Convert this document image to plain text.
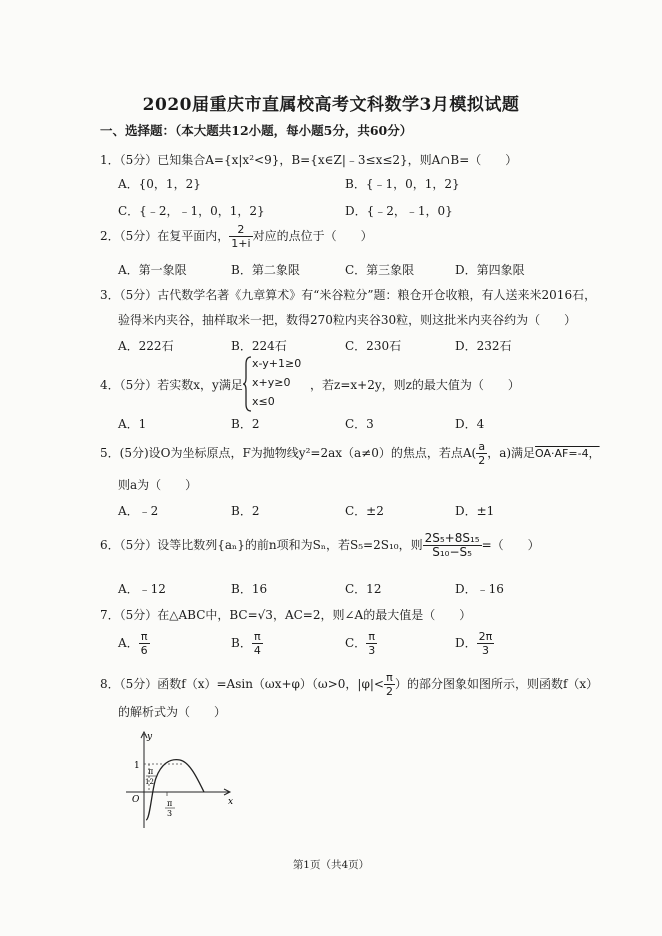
2020届重庆市直属校高考文科数学3月模拟试题
一、选择题：（本大题共12小题，每小题5分，共60分）
1．（5分）已知集合A={x|x²<9}，B={x∈Z|﹣3≤x≤2}，则A∩B=（　　）
A．{0，1，2}	B．{﹣1，0，1，2}
C．{﹣2，﹣1，0，1，2}	D．{﹣2，﹣1，0}
2．（5分）在复平面内， $\frac{2}{1+i}$ 对应的点位于（　　）
A．第一象限	B．第二象限	C．第三象限	D．第四象限
3．（5分）古代数学名著《九章算术》有“米谷粒分”题：粮仓开仓收粮，有人送来米2016石，
验得米内夹谷，抽样取米一把，数得270粒内夹谷30粒，则这批米内夹谷约为（　　）
A．222石	B．224石	C．230石	D．232石
4．（5分）若实数x，y满足
x-y+1≥0
x+y≥0
x≤0
，若z=x+2y，则z的最大值为（　　）
A．1	B．2	C．3	D．4
5．(5分)设O为坐标原点，F为抛物线y²=2ax（a≠0）的焦点，若点$A( \frac{a}{2}$ ，a)满足OA·AF=-4，
则a为（　　）
A．﹣2	B．2	C．±2	D．±1
6．（5分）设等比数列{aₙ}的前n项和为Sₙ，若S₅=2S₁₀，则 $\frac{\text{2S₅+8S₁₅}}{\text{S₁₀−S₅}}$ =（　　）
A．﹣12	B．16	C．12	D．﹣16
7．（5分）在△ABC中，BC=√3，AC=2，则∠A的最大值是（　　）
A． $\frac{\pi}{6}$	B． $\frac{\pi}{4}$	C． $\frac{\pi}{3}$	D． $\frac{2\pi}{3}$
8．（5分）函数f（x）=Asin（ωx+φ）（ω>0，$|\varphi|< \frac{\pi}{2}$ ）的部分图象如图所示，则函数f（x）
的解析式为（　　）
y
x
O
1
π
12
π
3
第1页（共4页）
